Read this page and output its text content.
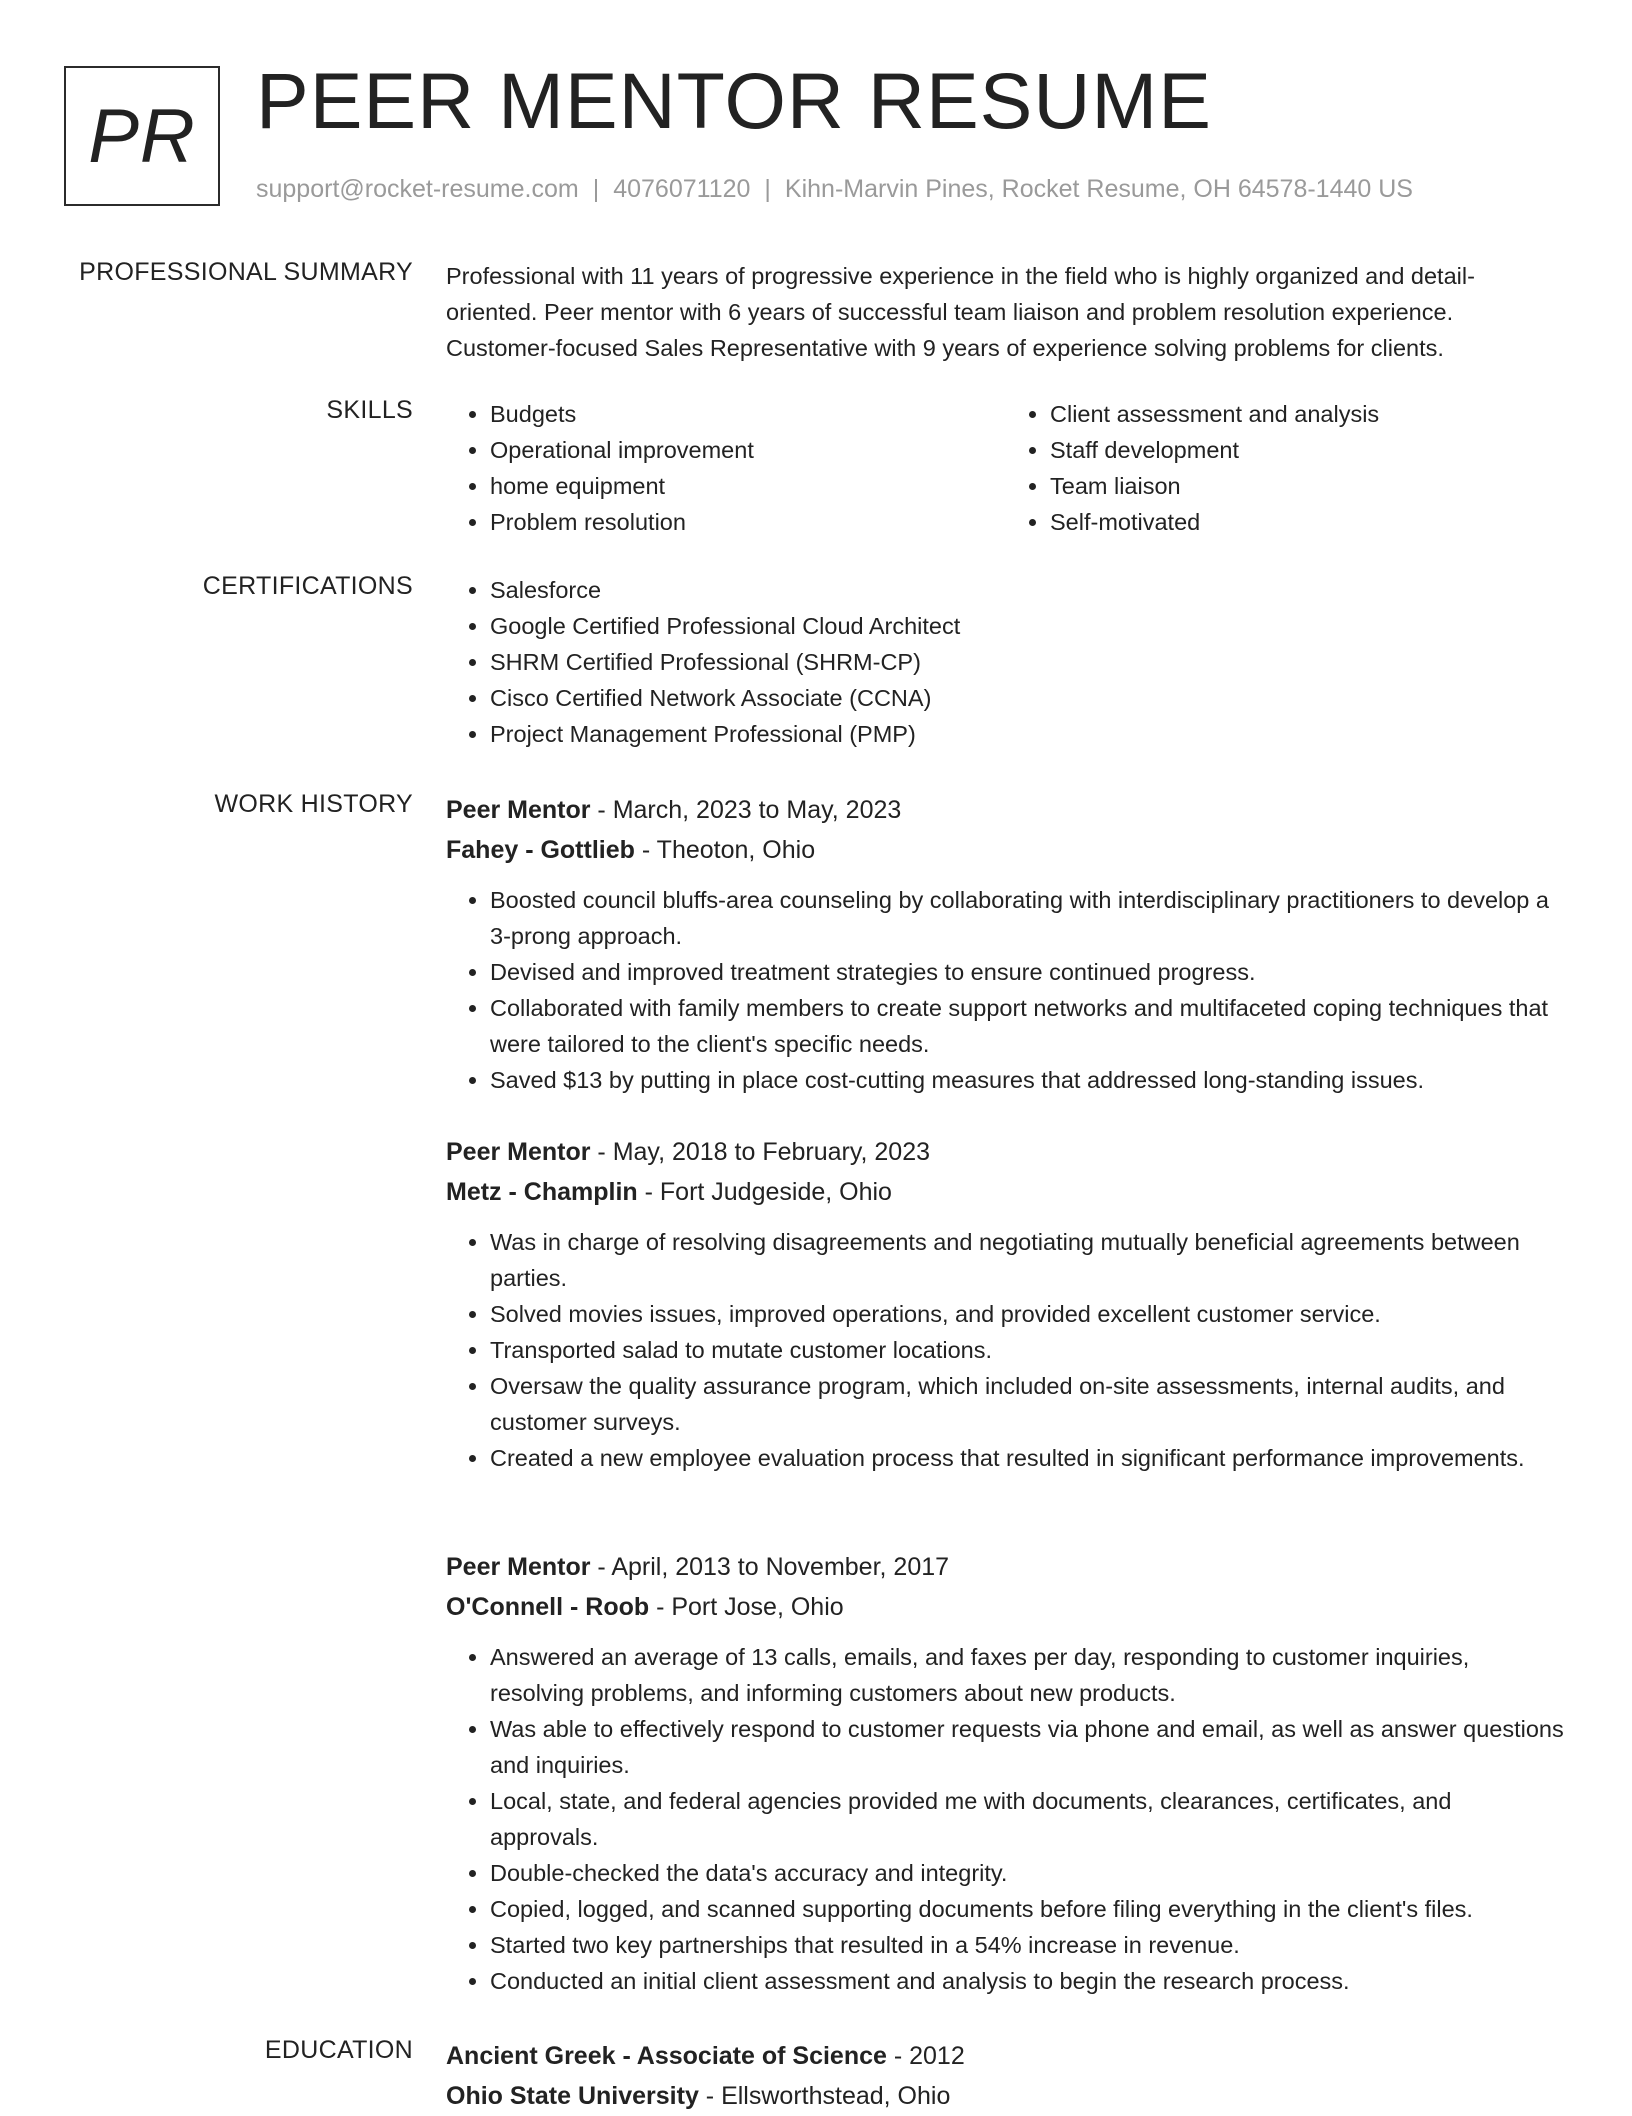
PR PEER MENTOR RESUME
support@rocket-resume.com | 4076071120 | Kihn-Marvin Pines, Rocket Resume, OH 64578-1440 US
PROFESSIONAL SUMMARY Professional with 11 years of progressive experience in the field who is highly organized and detail-oriented. Peer mentor with 6 years of successful team liaison and problem resolution experience. Customer-focused Sales Representative with 9 years of experience solving problems for clients.

SKILLS	• Budgets
• Operational improvement
• home equipment
• Problem resolution
• Client assessment and analysis
• Staff development
• Team liaison
• Self-motivated
CERTIFICATIONS	• Salesforce
• Google Certified Professional Cloud Architect
• SHRM Certified Professional (SHRM-CP)
• Cisco Certified Network Associate (CCNA)
• Project Management Professional (PMP)
WORK HISTORY Peer Mentor - March, 2023 to May, 2023
Fahey - Gottlieb - Theoton, Ohio
• Boosted council bluffs-area counseling by collaborating with interdisciplinary practitioners to develop a 3-prong approach.
• Devised and improved treatment strategies to ensure continued progress.
• Collaborated with family members to create support networks and multifaceted coping techniques that were tailored to the client's specific needs.
• Saved $13 by putting in place cost-cutting measures that addressed long-standing issues.
Peer Mentor - May, 2018 to February, 2023
Metz - Champlin - Fort Judgeside, Ohio
• Was in charge of resolving disagreements and negotiating mutually beneficial agreements between parties.
• Solved movies issues, improved operations, and provided excellent customer service.
• Transported salad to mutate customer locations.
• Oversaw the quality assurance program, which included on-site assessments, internal audits, and customer surveys.
• Created a new employee evaluation process that resulted in significant performance improvements.
Peer Mentor - April, 2013 to November, 2017
O'Connell - Roob - Port Jose, Ohio
• Answered an average of 13 calls, emails, and faxes per day, responding to customer inquiries, resolving problems, and informing customers about new products.
• Was able to effectively respond to customer requests via phone and email, as well as answer questions and inquiries.
• Local, state, and federal agencies provided me with documents, clearances, certificates, and approvals.
• Double-checked the data's accuracy and integrity.
• Copied, logged, and scanned supporting documents before filing everything in the client's files.
• Started two key partnerships that resulted in a 54% increase in revenue.
• Conducted an initial client assessment and analysis to begin the research process.
EDUCATION Ancient Greek - Associate of Science - 2012
Ohio State University - Ellsworthstead, Ohio
